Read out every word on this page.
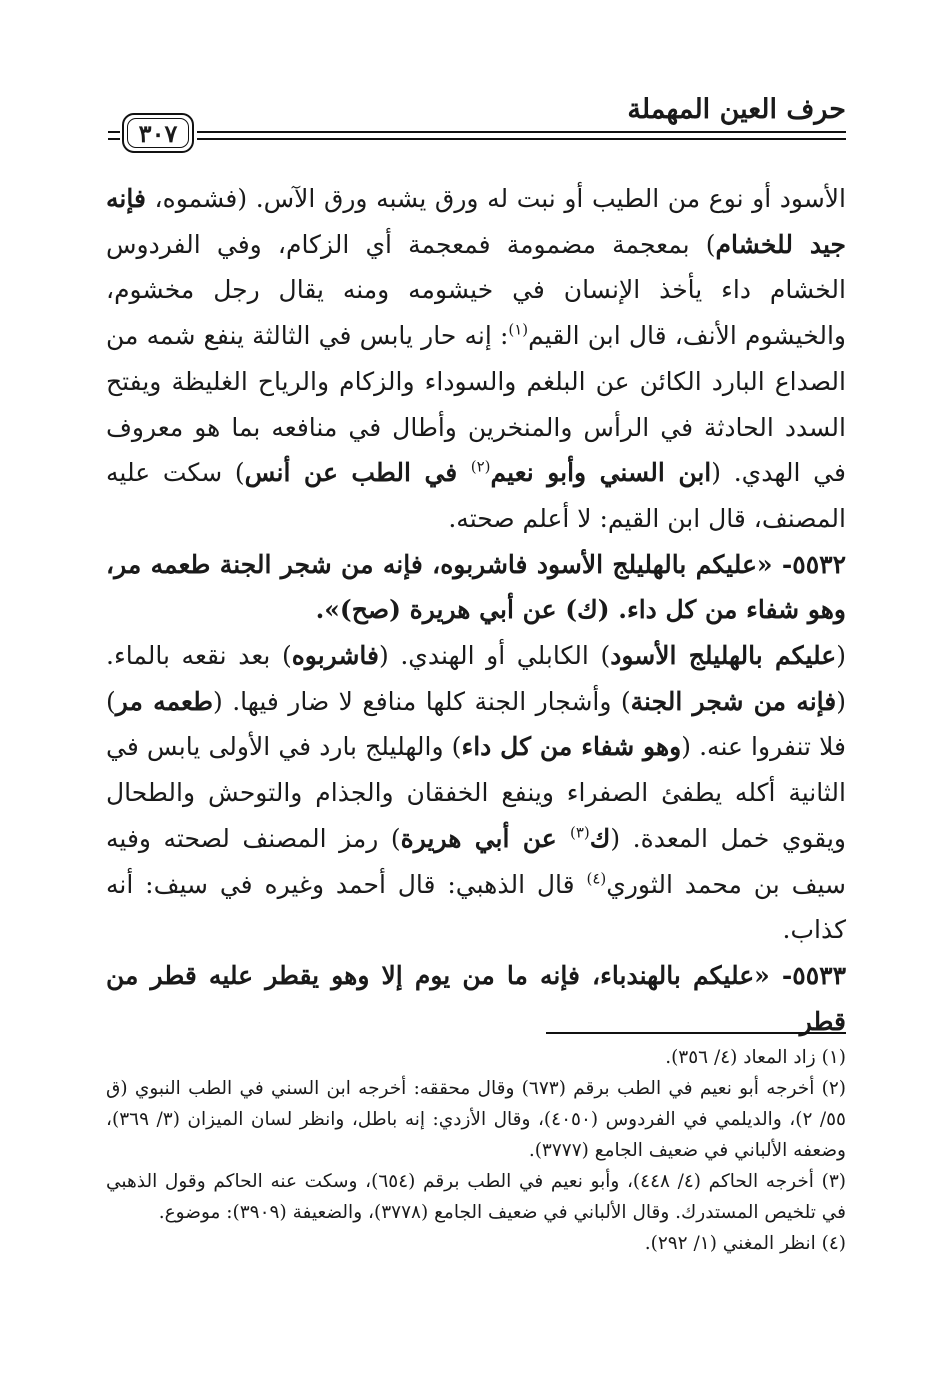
حرف العين المهملة
٣٠٧

الأسود أو نوع من الطيب أو نبت له ورق يشبه ورق الآس. (فشموه، فإنه جيد للخشام) بمعجمة مضمومة فمعجمة أي الزكام، وفي الفردوس الخشام داء يأخذ الإنسان في خيشومه ومنه يقال رجل مخشوم، والخيشوم الأنف، قال ابن القيم$^{(١)}$: إنه حار يابس في الثالثة ينفع شمه من الصداع البارد الكائن عن البلغم والسوداء والزكام والرياح الغليظة ويفتح السدد الحادثة في الرأس والمنخرين وأطال في منافعه بما هو معروف في الهدي. (ابن السني وأبو نعيم$^{(٢)}$ في الطب عن أنس) سكت عليه المصنف، قال ابن القيم: لا أعلم صحته.

٥٥٣٢- «عليكم بالهليلج الأسود فاشربوه، فإنه من شجر الجنة طعمه مر، وهو شفاء من كل داء. (ك) عن أبي هريرة (صح)».

(عليكم بالهليلج الأسود) الكابلي أو الهندي. (فاشربوه) بعد نقعه بالماء. (فإنه من شجر الجنة) وأشجار الجنة كلها منافع لا ضار فيها. (طعمه مر) فلا تنفروا عنه. (وهو شفاء من كل داء) والهليلج بارد في الأولى يابس في الثانية أكله يطفئ الصفراء وينفع الخفقان والجذام والتوحش والطحال ويقوي خمل المعدة. (ك$^{(٣)}$ عن أبي هريرة) رمز المصنف لصحته وفيه سيف بن محمد الثوري$^{(٤)}$ قال الذهبي: قال أحمد وغيره في سيف: أنه كذاب.

٥٥٣٣- «عليكم بالهندباء، فإنه ما من يوم إلا وهو يقطر عليه قطر من قطر

(١) زاد المعاد (٤/ ٣٥٦).

(٢) أخرجه أبو نعيم في الطب برقم (٦٧٣) وقال محققه: أخرجه ابن السني في الطب النبوي (ق ٥٥/ ٢)، والديلمي في الفردوس (٤٠٥٠)، وقال الأزدي: إنه باطل، وانظر لسان الميزان (٣/ ٣٦٩)، وضعفه الألباني في ضعيف الجامع (٣٧٧٧).

(٣) أخرجه الحاكم (٤/ ٤٤٨)، وأبو نعيم في الطب برقم (٦٥٤)، وسكت عنه الحاكم وقول الذهبي في تلخيص المستدرك. وقال الألباني في ضعيف الجامع (٣٧٧٨)، والضعيفة (٣٩٠٩): موضوع.

(٤) انظر المغني (١/ ٢٩٢).
